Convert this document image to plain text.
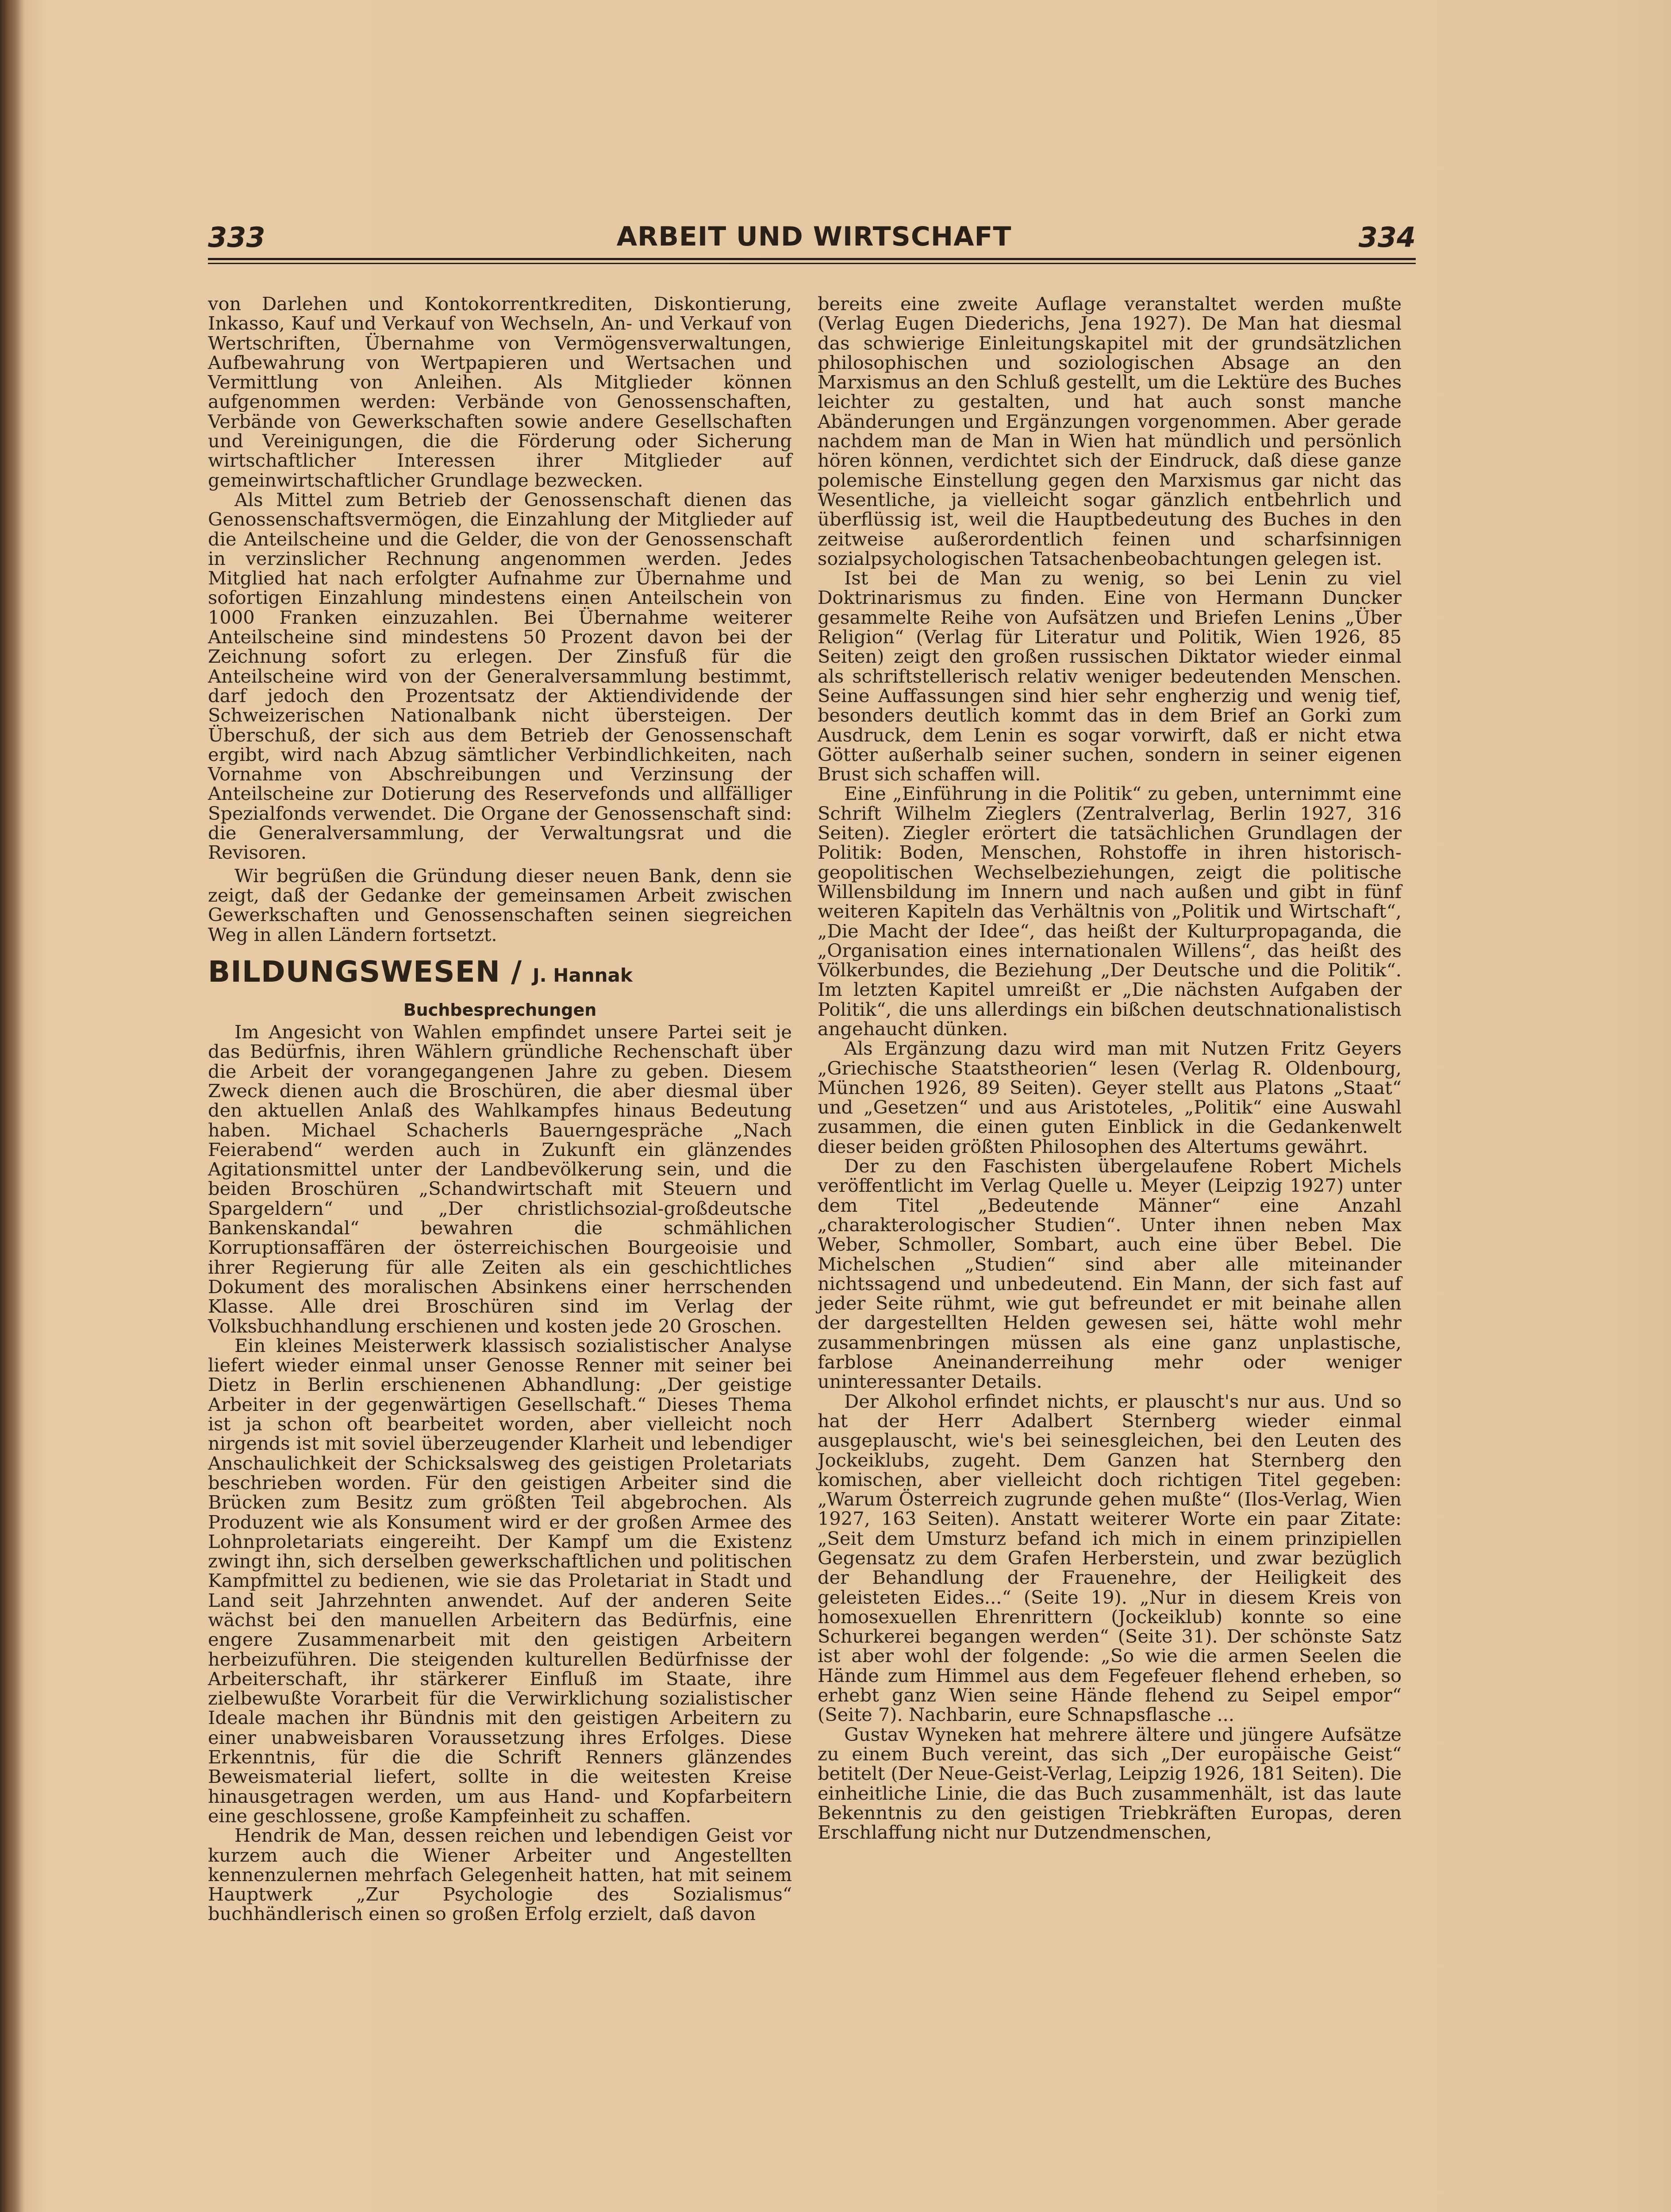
333	ARBEIT UND WIRTSCHAFT	334

von Darlehen und Kontokorrentkrediten, Diskontierung, Inkasso, Kauf und Verkauf von Wechseln, An- und Verkauf von Wertschriften, Übernahme von Vermögensverwaltungen, Aufbewahrung von Wertpapieren und Wertsachen und Vermittlung von Anleihen. Als Mitglieder können aufgenommen werden: Verbände von Genossenschaften, Verbände von Gewerkschaften sowie andere Gesellschaften und Vereinigungen, die die Förderung oder Sicherung wirtschaftlicher Interessen ihrer Mitglieder auf gemeinwirtschaftlicher Grundlage bezwecken.

Als Mittel zum Betrieb der Genossenschaft dienen das Genossenschaftsvermögen, die Einzahlung der Mitglieder auf die Anteilscheine und die Gelder, die von der Genossenschaft in verzinslicher Rechnung angenommen werden. Jedes Mitglied hat nach erfolgter Aufnahme zur Übernahme und sofortigen Einzahlung mindestens einen Anteilschein von 1000 Franken einzuzahlen. Bei Übernahme weiterer Anteilscheine sind mindestens 50 Prozent davon bei der Zeichnung sofort zu erlegen. Der Zinsfuß für die Anteilscheine wird von der Generalversammlung bestimmt, darf jedoch den Prozentsatz der Aktiendividende der Schweizerischen Nationalbank nicht übersteigen. Der Überschuß, der sich aus dem Betrieb der Genossenschaft ergibt, wird nach Abzug sämtlicher Verbindlichkeiten, nach Vornahme von Abschreibungen und Verzinsung der Anteilscheine zur Dotierung des Reservefonds und allfälliger Spezialfonds verwendet. Die Organe der Genossenschaft sind: die Generalversammlung, der Verwaltungsrat und die Revisoren.

Wir begrüßen die Gründung dieser neuen Bank, denn sie zeigt, daß der Gedanke der gemeinsamen Arbeit zwischen Gewerkschaften und Genossenschaften seinen siegreichen Weg in allen Ländern fortsetzt.

BILDUNGSWESEN / J. Hannak
Buchbesprechungen

Im Angesicht von Wahlen empfindet unsere Partei seit je das Bedürfnis, ihren Wählern gründliche Rechenschaft über die Arbeit der vorangegangenen Jahre zu geben. Diesem Zweck dienen auch die Broschüren, die aber diesmal über den aktuellen Anlaß des Wahlkampfes hinaus Bedeutung haben. Michael Schacherls Bauerngespräche „Nach Feierabend“ werden auch in Zukunft ein glänzendes Agitationsmittel unter der Landbevölkerung sein, und die beiden Broschüren „Schandwirtschaft mit Steuern und Spargeldern“ und „Der christlichsozial-großdeutsche Bankenskandal“ bewahren die schmählichen Korruptionsaffären der österreichischen Bourgeoisie und ihrer Regierung für alle Zeiten als ein geschichtliches Dokument des moralischen Absinkens einer herrschenden Klasse. Alle drei Broschüren sind im Verlag der Volksbuchhandlung erschienen und kosten jede 20 Groschen.

Ein kleines Meisterwerk klassisch sozialistischer Analyse liefert wieder einmal unser Genosse Renner mit seiner bei Dietz in Berlin erschienenen Abhandlung: „Der geistige Arbeiter in der gegenwärtigen Gesellschaft.“ Dieses Thema ist ja schon oft bearbeitet worden, aber vielleicht noch nirgends ist mit soviel überzeugender Klarheit und lebendiger Anschaulichkeit der Schicksalsweg des geistigen Proletariats beschrieben worden. Für den geistigen Arbeiter sind die Brücken zum Besitz zum größten Teil abgebrochen. Als Produzent wie als Konsument wird er der großen Armee des Lohnproletariats eingereiht. Der Kampf um die Existenz zwingt ihn, sich derselben gewerkschaftlichen und politischen Kampfmittel zu bedienen, wie sie das Proletariat in Stadt und Land seit Jahrzehnten anwendet. Auf der anderen Seite wächst bei den manuellen Arbeitern das Bedürfnis, eine engere Zusammenarbeit mit den geistigen Arbeitern herbeizuführen. Die steigenden kulturellen Bedürfnisse der Arbeiterschaft, ihr stärkerer Einfluß im Staate, ihre zielbewußte Vorarbeit für die Verwirklichung sozialistischer Ideale machen ihr Bündnis mit den geistigen Arbeitern zu einer unabweisbaren Voraussetzung ihres Erfolges. Diese Erkenntnis, für die die Schrift Renners glänzendes Beweismaterial liefert, sollte in die weitesten Kreise hinausgetragen werden, um aus Hand- und Kopfarbeitern eine geschlossene, große Kampfeinheit zu schaffen.

Hendrik de Man, dessen reichen und lebendigen Geist vor kurzem auch die Wiener Arbeiter und Angestellten kennenzulernen mehrfach Gelegenheit hatten, hat mit seinem Hauptwerk „Zur Psychologie des Sozialismus“ buchhändlerisch einen so großen Erfolg erzielt, daß davon

bereits eine zweite Auflage veranstaltet werden mußte (Verlag Eugen Diederichs, Jena 1927). De Man hat diesmal das schwierige Einleitungskapitel mit der grundsätzlichen philosophischen und soziologischen Absage an den Marxismus an den Schluß gestellt, um die Lektüre des Buches leichter zu gestalten, und hat auch sonst manche Abänderungen und Ergänzungen vorgenommen. Aber gerade nachdem man de Man in Wien hat mündlich und persönlich hören können, verdichtet sich der Eindruck, daß diese ganze polemische Einstellung gegen den Marxismus gar nicht das Wesentliche, ja vielleicht sogar gänzlich entbehrlich und überflüssig ist, weil die Hauptbedeutung des Buches in den zeitweise außerordentlich feinen und scharfsinnigen sozialpsychologischen Tatsachenbeobachtungen gelegen ist.

Ist bei de Man zu wenig, so bei Lenin zu viel Doktrinarismus zu finden. Eine von Hermann Duncker gesammelte Reihe von Aufsätzen und Briefen Lenins „Über Religion“ (Verlag für Literatur und Politik, Wien 1926, 85 Seiten) zeigt den großen russischen Diktator wieder einmal als schriftstellerisch relativ weniger bedeutenden Menschen. Seine Auffassungen sind hier sehr engherzig und wenig tief, besonders deutlich kommt das in dem Brief an Gorki zum Ausdruck, dem Lenin es sogar vorwirft, daß er nicht etwa Götter außerhalb seiner suchen, sondern in seiner eigenen Brust sich schaffen will.

Eine „Einführung in die Politik“ zu geben, unternimmt eine Schrift Wilhelm Zieglers (Zentralverlag, Berlin 1927, 316 Seiten). Ziegler erörtert die tatsächlichen Grundlagen der Politik: Boden, Menschen, Rohstoffe in ihren historisch-geopolitischen Wechselbeziehungen, zeigt die politische Willensbildung im Innern und nach außen und gibt in fünf weiteren Kapiteln das Verhältnis von „Politik und Wirtschaft“, „Die Macht der Idee“, das heißt der Kulturpropaganda, die „Organisation eines internationalen Willens“, das heißt des Völkerbundes, die Beziehung „Der Deutsche und die Politik“. Im letzten Kapitel umreißt er „Die nächsten Aufgaben der Politik“, die uns allerdings ein bißchen deutschnationalistisch angehaucht dünken.

Als Ergänzung dazu wird man mit Nutzen Fritz Geyers „Griechische Staatstheorien“ lesen (Verlag R. Oldenbourg, München 1926, 89 Seiten). Geyer stellt aus Platons „Staat“ und „Gesetzen“ und aus Aristoteles, „Politik“ eine Auswahl zusammen, die einen guten Einblick in die Gedankenwelt dieser beiden größten Philosophen des Altertums gewährt.

Der zu den Faschisten übergelaufene Robert Michels veröffentlicht im Verlag Quelle u. Meyer (Leipzig 1927) unter dem Titel „Bedeutende Männer“ eine Anzahl „charakterologischer Studien“. Unter ihnen neben Max Weber, Schmoller, Sombart, auch eine über Bebel. Die Michelschen „Studien“ sind aber alle miteinander nichtssagend und unbedeutend. Ein Mann, der sich fast auf jeder Seite rühmt, wie gut befreundet er mit beinahe allen der dargestellten Helden gewesen sei, hätte wohl mehr zusammenbringen müssen als eine ganz unplastische, farblose Aneinanderreihung mehr oder weniger uninteressanter Details.

Der Alkohol erfindet nichts, er plauscht's nur aus. Und so hat der Herr Adalbert Sternberg wieder einmal ausgeplauscht, wie's bei seinesgleichen, bei den Leuten des Jockeiklubs, zugeht. Dem Ganzen hat Sternberg den komischen, aber vielleicht doch richtigen Titel gegeben: „Warum Österreich zugrunde gehen mußte“ (Ilos-Verlag, Wien 1927, 163 Seiten). Anstatt weiterer Worte ein paar Zitate: „Seit dem Umsturz befand ich mich in einem prinzipiellen Gegensatz zu dem Grafen Herberstein, und zwar bezüglich der Behandlung der Frauenehre, der Heiligkeit des geleisteten Eides...“ (Seite 19). „Nur in diesem Kreis von homosexuellen Ehrenrittern (Jockeiklub) konnte so eine Schurkerei begangen werden“ (Seite 31). Der schönste Satz ist aber wohl der folgende: „So wie die armen Seelen die Hände zum Himmel aus dem Fegefeuer flehend erheben, so erhebt ganz Wien seine Hände flehend zu Seipel empor“ (Seite 7). Nachbarin, eure Schnapsflasche ...

Gustav Wyneken hat mehrere ältere und jüngere Aufsätze zu einem Buch vereint, das sich „Der europäische Geist“ betitelt (Der Neue-Geist-Verlag, Leipzig 1926, 181 Seiten). Die einheitliche Linie, die das Buch zusammenhält, ist das laute Bekenntnis zu den geistigen Triebkräften Europas, deren Erschlaffung nicht nur Dutzendmenschen,
